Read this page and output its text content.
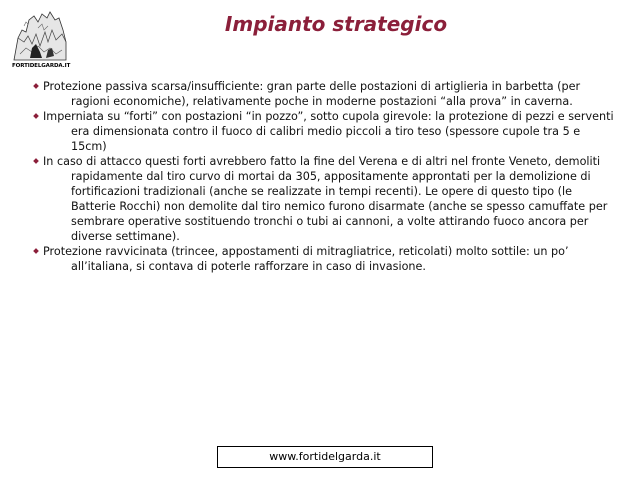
FORTIDELGARDA.IT
Impianto strategico
Protezione passiva scarsa/insufficiente: gran parte delle postazioni di artiglieria in barbetta (per ragioni economiche), relativamente poche in moderne postazioni “alla prova” in caverna.
Imperniata su “forti” con postazioni “in pozzo”, sotto cupola girevole: la protezione di pezzi e serventi era dimensionata contro il fuoco di calibri medio piccoli a tiro teso (spessore cupole tra 5 e 15cm)
In caso di attacco questi forti avrebbero fatto la fine del Verena e di altri nel fronte Veneto, demoliti rapidamente dal tiro curvo di mortai da 305, appositamente approntati per la demolizione di fortificazioni tradizionali (anche se realizzate in tempi recenti). Le opere di questo tipo (le Batterie Rocchi) non demolite dal tiro nemico furono disarmate (anche se spesso camuffate per sembrare operative sostituendo tronchi o tubi ai cannoni, a volte attirando fuoco ancora per diverse settimane).
Protezione ravvicinata (trincee, appostamenti di mitragliatrice, reticolati) molto sottile: un po’ all’italiana, si contava di poterle rafforzare in caso di invasione.
www.fortidelgarda.it
